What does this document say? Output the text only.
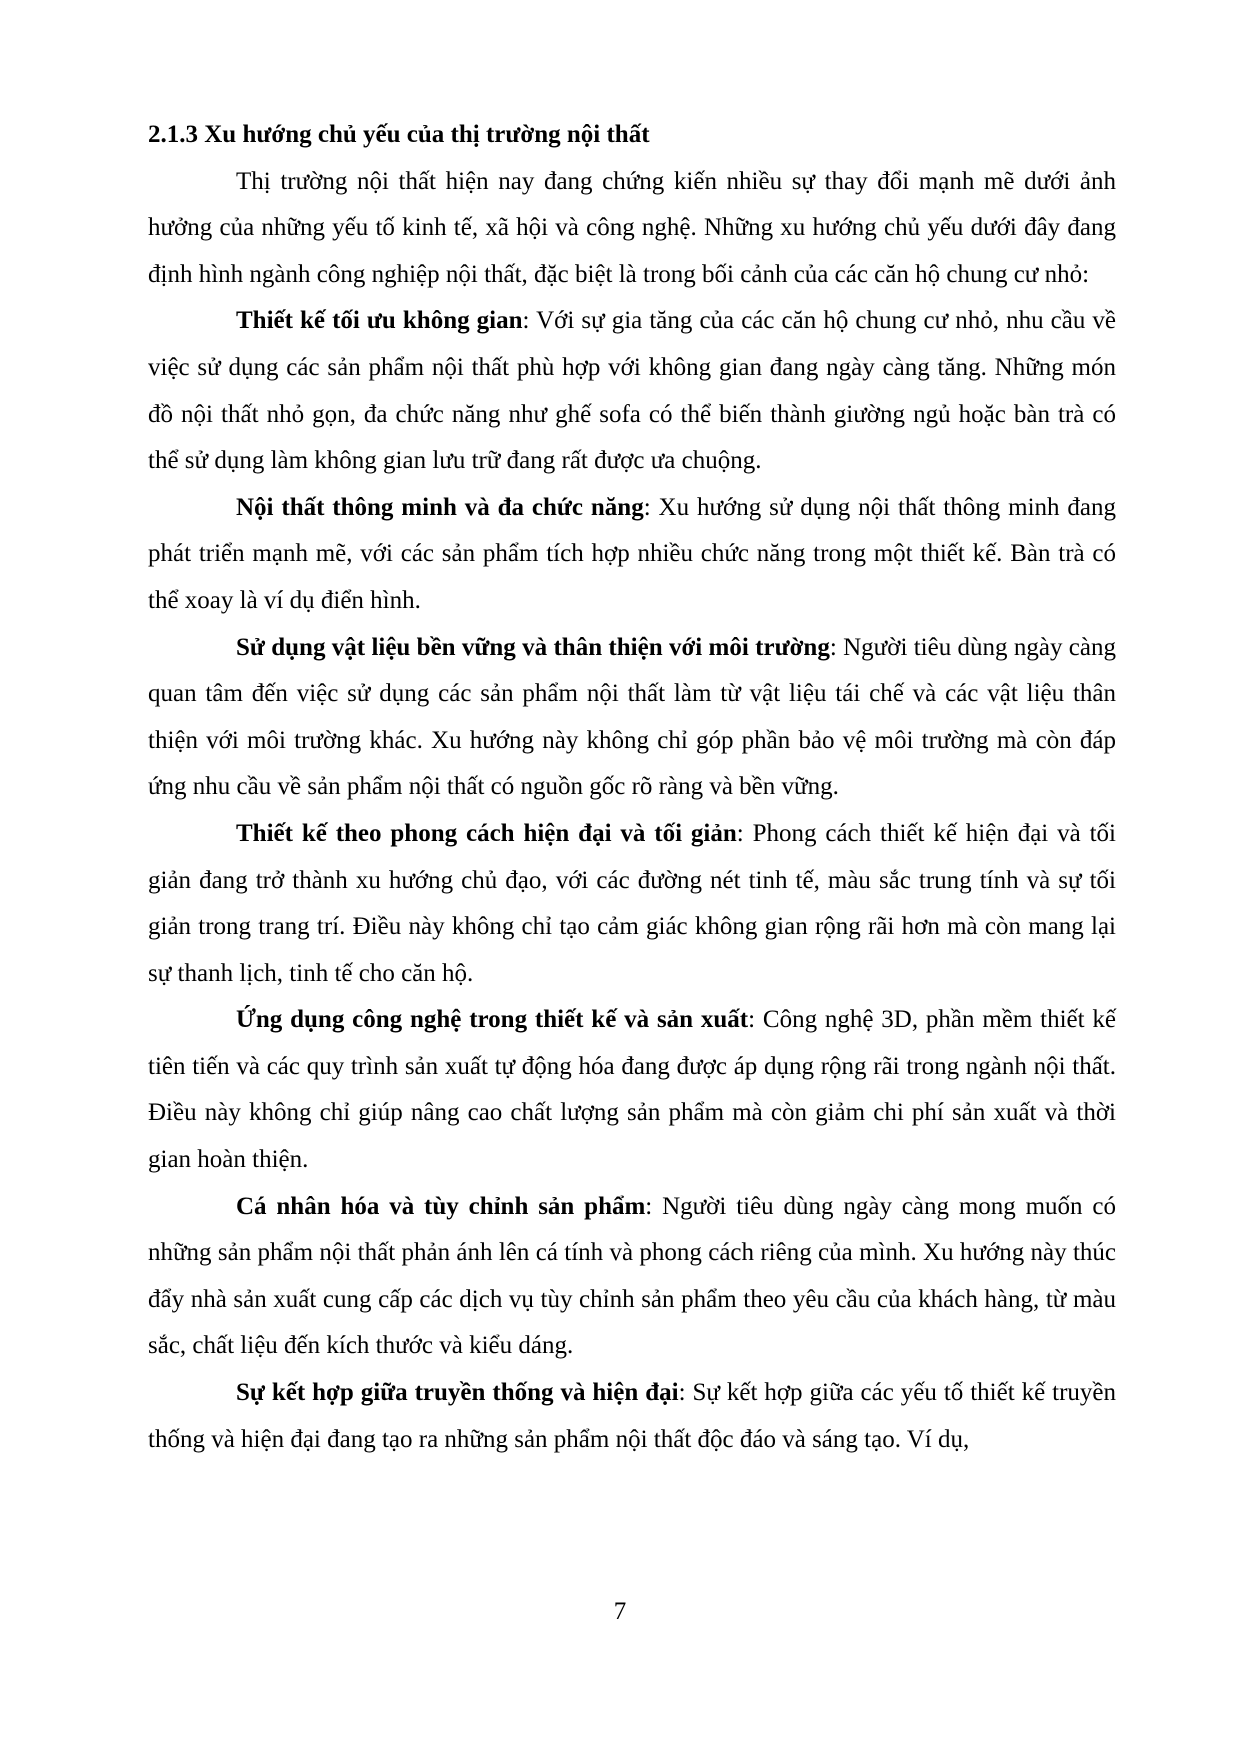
2.1.3 Xu hướng chủ yếu của thị trường nội thất

Thị trường nội thất hiện nay đang chứng kiến nhiều sự thay đổi mạnh mẽ dưới ảnh hưởng của những yếu tố kinh tế, xã hội và công nghệ. Những xu hướng chủ yếu dưới đây đang định hình ngành công nghiệp nội thất, đặc biệt là trong bối cảnh của các căn hộ chung cư nhỏ:

Thiết kế tối ưu không gian: Với sự gia tăng của các căn hộ chung cư nhỏ, nhu cầu về việc sử dụng các sản phẩm nội thất phù hợp với không gian đang ngày càng tăng. Những món đồ nội thất nhỏ gọn, đa chức năng như ghế sofa có thể biến thành giường ngủ hoặc bàn trà có thể sử dụng làm không gian lưu trữ đang rất được ưa chuộng.

Nội thất thông minh và đa chức năng: Xu hướng sử dụng nội thất thông minh đang phát triển mạnh mẽ, với các sản phẩm tích hợp nhiều chức năng trong một thiết kế. Bàn trà có thể xoay là ví dụ điển hình.

Sử dụng vật liệu bền vững và thân thiện với môi trường: Người tiêu dùng ngày càng quan tâm đến việc sử dụng các sản phẩm nội thất làm từ vật liệu tái chế và các vật liệu thân thiện với môi trường khác. Xu hướng này không chỉ góp phần bảo vệ môi trường mà còn đáp ứng nhu cầu về sản phẩm nội thất có nguồn gốc rõ ràng và bền vững.

Thiết kế theo phong cách hiện đại và tối giản: Phong cách thiết kế hiện đại và tối giản đang trở thành xu hướng chủ đạo, với các đường nét tinh tế, màu sắc trung tính và sự tối giản trong trang trí. Điều này không chỉ tạo cảm giác không gian rộng rãi hơn mà còn mang lại sự thanh lịch, tinh tế cho căn hộ.

Ứng dụng công nghệ trong thiết kế và sản xuất: Công nghệ 3D, phần mềm thiết kế tiên tiến và các quy trình sản xuất tự động hóa đang được áp dụng rộng rãi trong ngành nội thất. Điều này không chỉ giúp nâng cao chất lượng sản phẩm mà còn giảm chi phí sản xuất và thời gian hoàn thiện.

Cá nhân hóa và tùy chỉnh sản phẩm: Người tiêu dùng ngày càng mong muốn có những sản phẩm nội thất phản ánh lên cá tính và phong cách riêng của mình. Xu hướng này thúc đẩy nhà sản xuất cung cấp các dịch vụ tùy chỉnh sản phẩm theo yêu cầu của khách hàng, từ màu sắc, chất liệu đến kích thước và kiểu dáng.

Sự kết hợp giữa truyền thống và hiện đại: Sự kết hợp giữa các yếu tố thiết kế truyền thống và hiện đại đang tạo ra những sản phẩm nội thất độc đáo và sáng tạo. Ví dụ,

7
